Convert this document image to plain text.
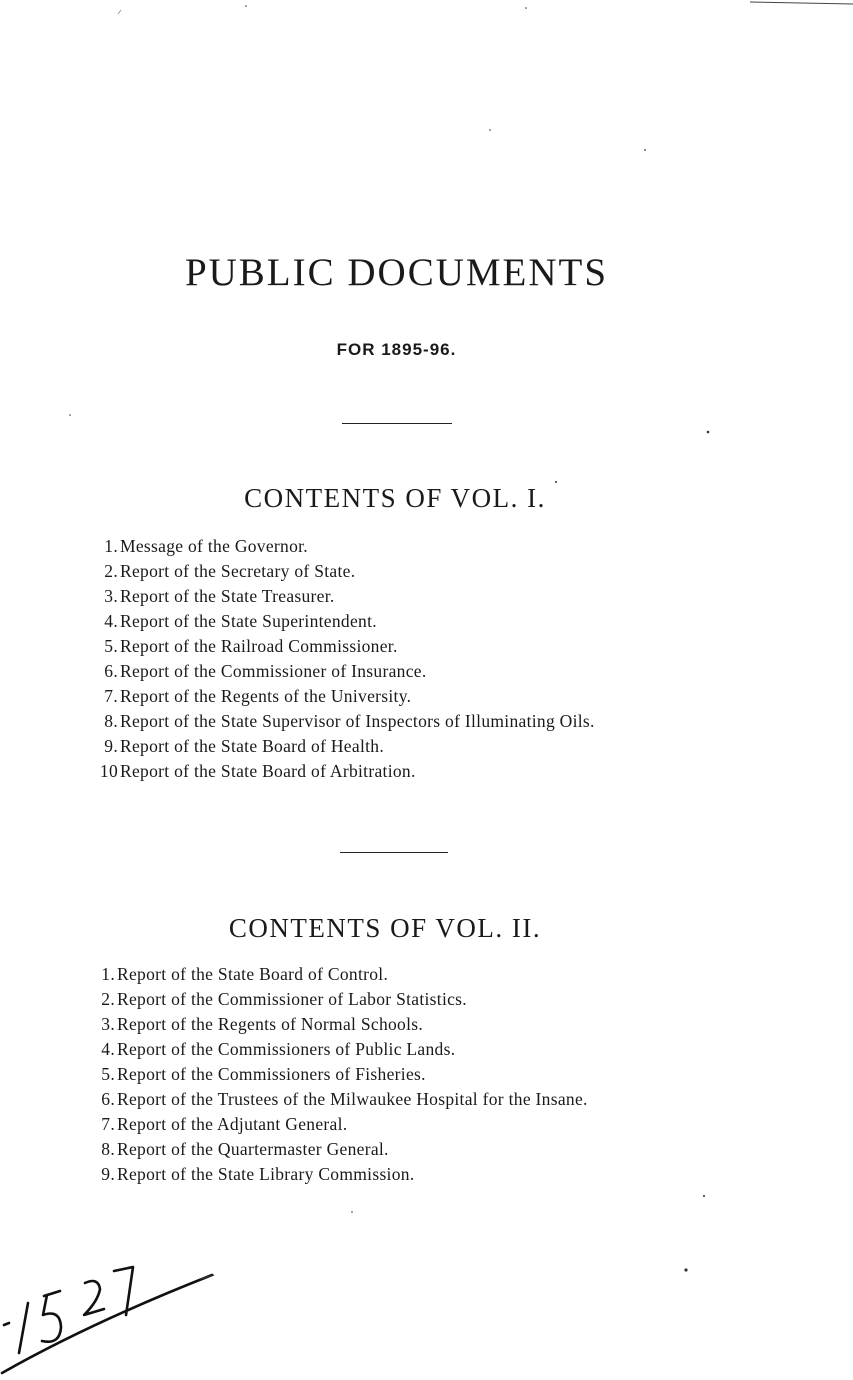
PUBLIC DOCUMENTS

FOR 1895-96.

CONTENTS OF VOL. I.
1. Message of the Governor.
2. Report of the Secretary of State.
3. Report of the State Treasurer.
4. Report of the State Superintendent.
5. Report of the Railroad Commissioner.
6. Report of the Commissioner of Insurance.
7. Report of the Regents of the University.
8. Report of the State Supervisor of Inspectors of Illuminating Oils.
9. Report of the State Board of Health.
10 Report of the State Board of Arbitration.
CONTENTS OF VOL. II.
1. Report of the State Board of Control.
2. Report of the Commissioner of Labor Statistics.
3. Report of the Regents of Normal Schools.
4. Report of the Commissioners of Public Lands.
5. Report of the Commissioners of Fisheries.
6. Report of the Trustees of the Milwaukee Hospital for the Insane.
7. Report of the Adjutant General.
8. Report of the Quartermaster General.
9. Report of the State Library Commission.
